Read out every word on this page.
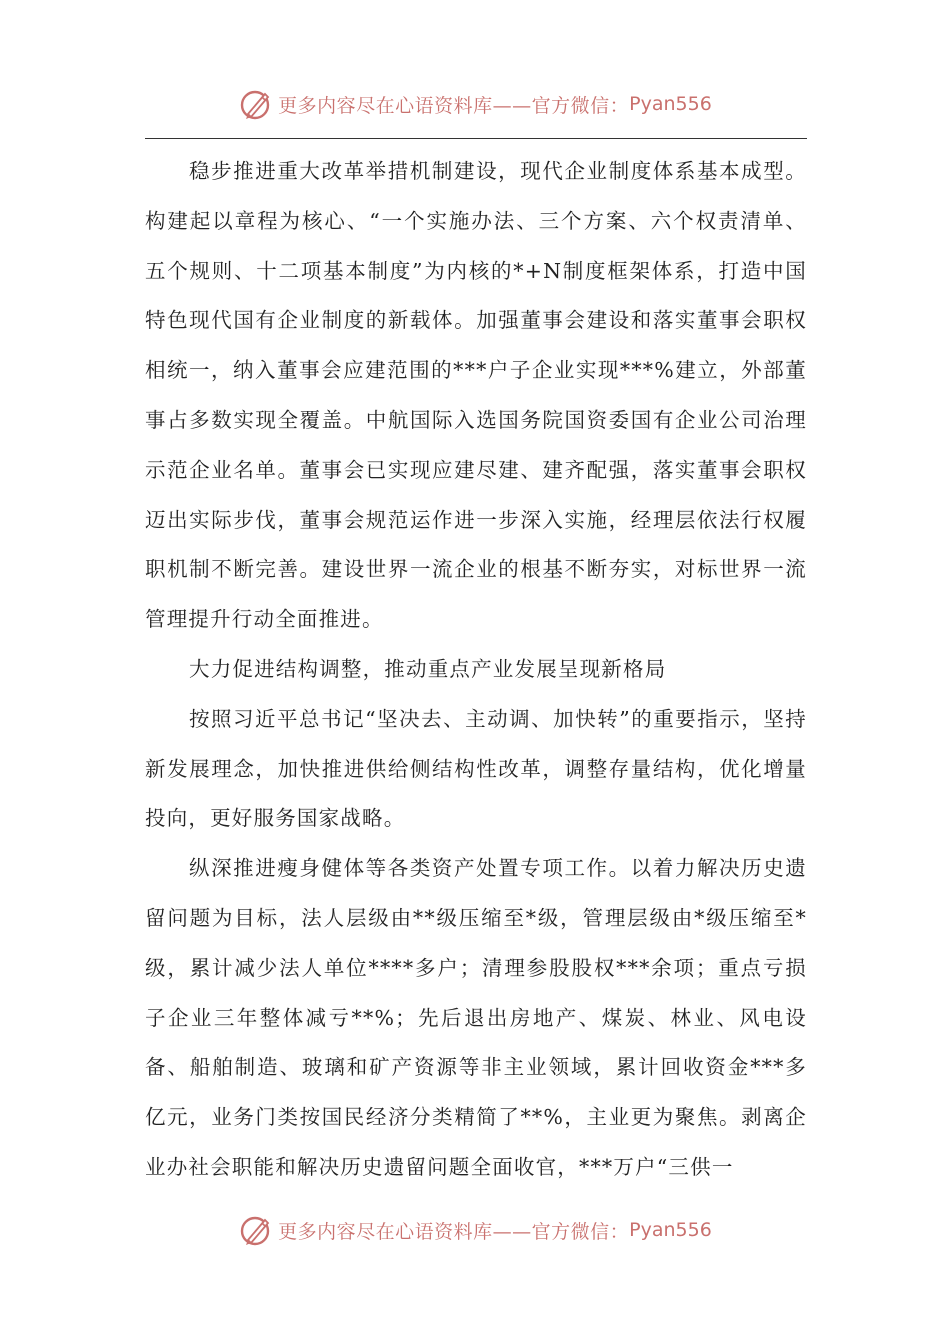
更多内容尽在心语资料库——官方微信： Pyan556

稳步推进重大改革举措机制建设，现代企业制度体系基本成型。构建起以章程为核心、“一个实施办法、三个方案、六个权责清单、五个规则、十二项基本制度”为内核的*+N制度框架体系，打造中国特色现代国有企业制度的新载体。加强董事会建设和落实董事会职权相统一，纳入董事会应建范围的***户子企业实现***%建立，外部董事占多数实现全覆盖。中航国际入选国务院国资委国有企业公司治理示范企业名单。董事会已实现应建尽建、建齐配强，落实董事会职权迈出实际步伐，董事会规范运作进一步深入实施，经理层依法行权履职机制不断完善。建设世界一流企业的根基不断夯实，对标世界一流管理提升行动全面推进。

大力促进结构调整，推动重点产业发展呈现新格局

按照习近平总书记“坚决去、主动调、加快转”的重要指示，坚持新发展理念，加快推进供给侧结构性改革，调整存量结构，优化增量投向，更好服务国家战略。

纵深推进瘦身健体等各类资产处置专项工作。以着力解决历史遗留问题为目标，法人层级由**级压缩至*级，管理层级由*级压缩至*级，累计减少法人单位****多户；清理参股股权***余项；重点亏损子企业三年整体减亏**%；先后退出房地产、煤炭、林业、风电设备、船舶制造、玻璃和矿产资源等非主业领域，累计回收资金***多亿元，业务门类按国民经济分类精简了**%，主业更为聚焦。剥离企业办社会职能和解决历史遗留问题全面收官，***万户“三供一

更多内容尽在心语资料库——官方微信： Pyan556
